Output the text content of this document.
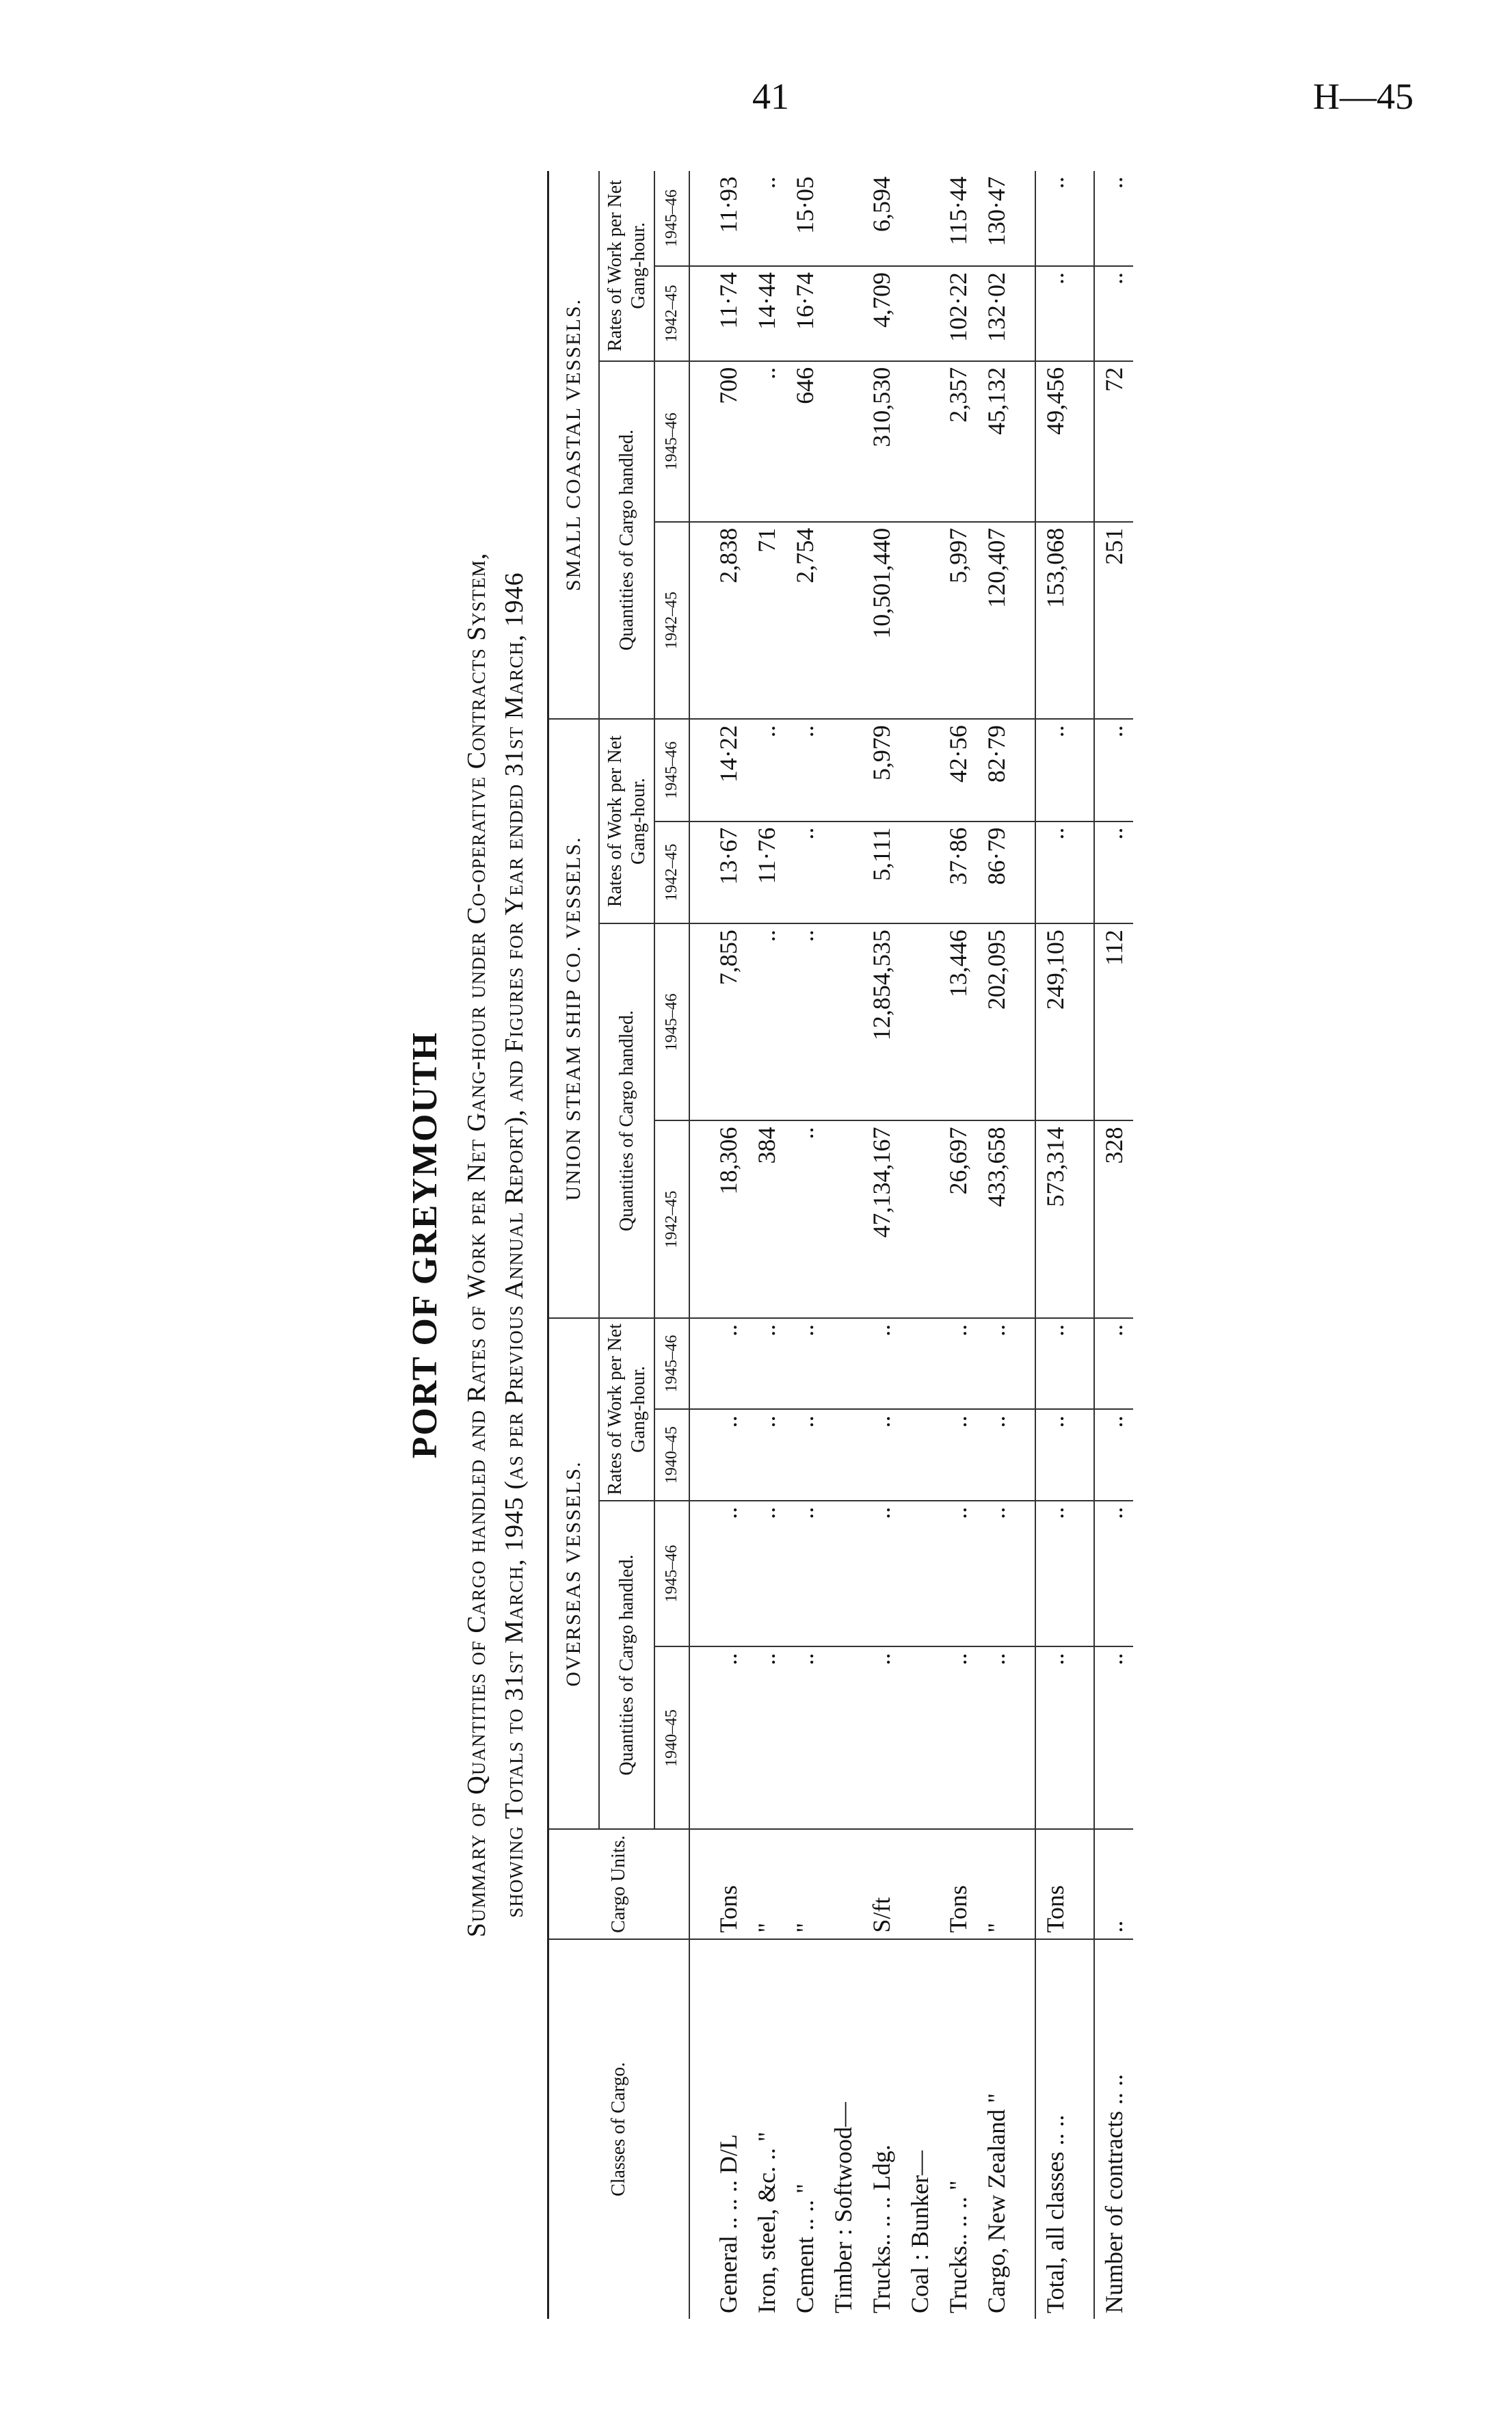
41	H—45
PORT OF GREYMOUTH Summary of Quantities of Cargo handled and Rates of Work per Net Gang-hour under Co-operative Contracts System, showing Totals to 31st March, 1945 (as per Previous Annual Report), and Figures for Year ended 31st March, 1946
Classes of Cargo.	Cargo Units.	OVERSEAS VESSELS.				UNION STEAM SHIP CO. VESSELS.				SMALL COASTAL VESSELS.			
		Quantities of Cargo handled.		Rates of Work per Net Gang-hour.		Quantities of Cargo handled.		Rates of Work per Net Gang-hour.		Quantities of Cargo handled.		Rates of Work per Net Gang-hour.	
		1940–45	1945–46	1940–45	1945–46	1942–45	1945–46	1942–45	1945–46	1942–45	1945–46	1942–45	1945–46

General .. .. .. D/L	Tons	..	..	..	..	18,306	7,855	13·67	14·22	2,838	700	11·74	11·93
Iron, steel, &c. .. "	"	..	..	..	..	384	..	11·76	..	71	..	14·44	..
Cement .. .. "	"	..	..	..	..	..	..	..	..	2,754	646	16·74	15·05
Timber : Softwood—													
Trucks.. .. .. Ldg.	S/ft	..	..	..	..	47,134,167	12,854,535	5,111	5,979	10,501,440	310,530	4,709	6,594
Coal : Bunker—													
Trucks.. .. .. "	Tons	..	..	..	..	26,697	13,446	37·86	42·56	5,997	2,357	102·22	115·44
Cargo, New Zealand "	"	..	..	..	..	433,658	202,095	86·79	82·79	120,407	45,132	132·02	130·47

Total, all classes .. ..	Tons	..	..	..	..	573,314	249,105	..	..	153,068	49,456	..	..

Number of contracts .. ..	..	..	..	..	..	328	112	..	..	251	72	..	..
